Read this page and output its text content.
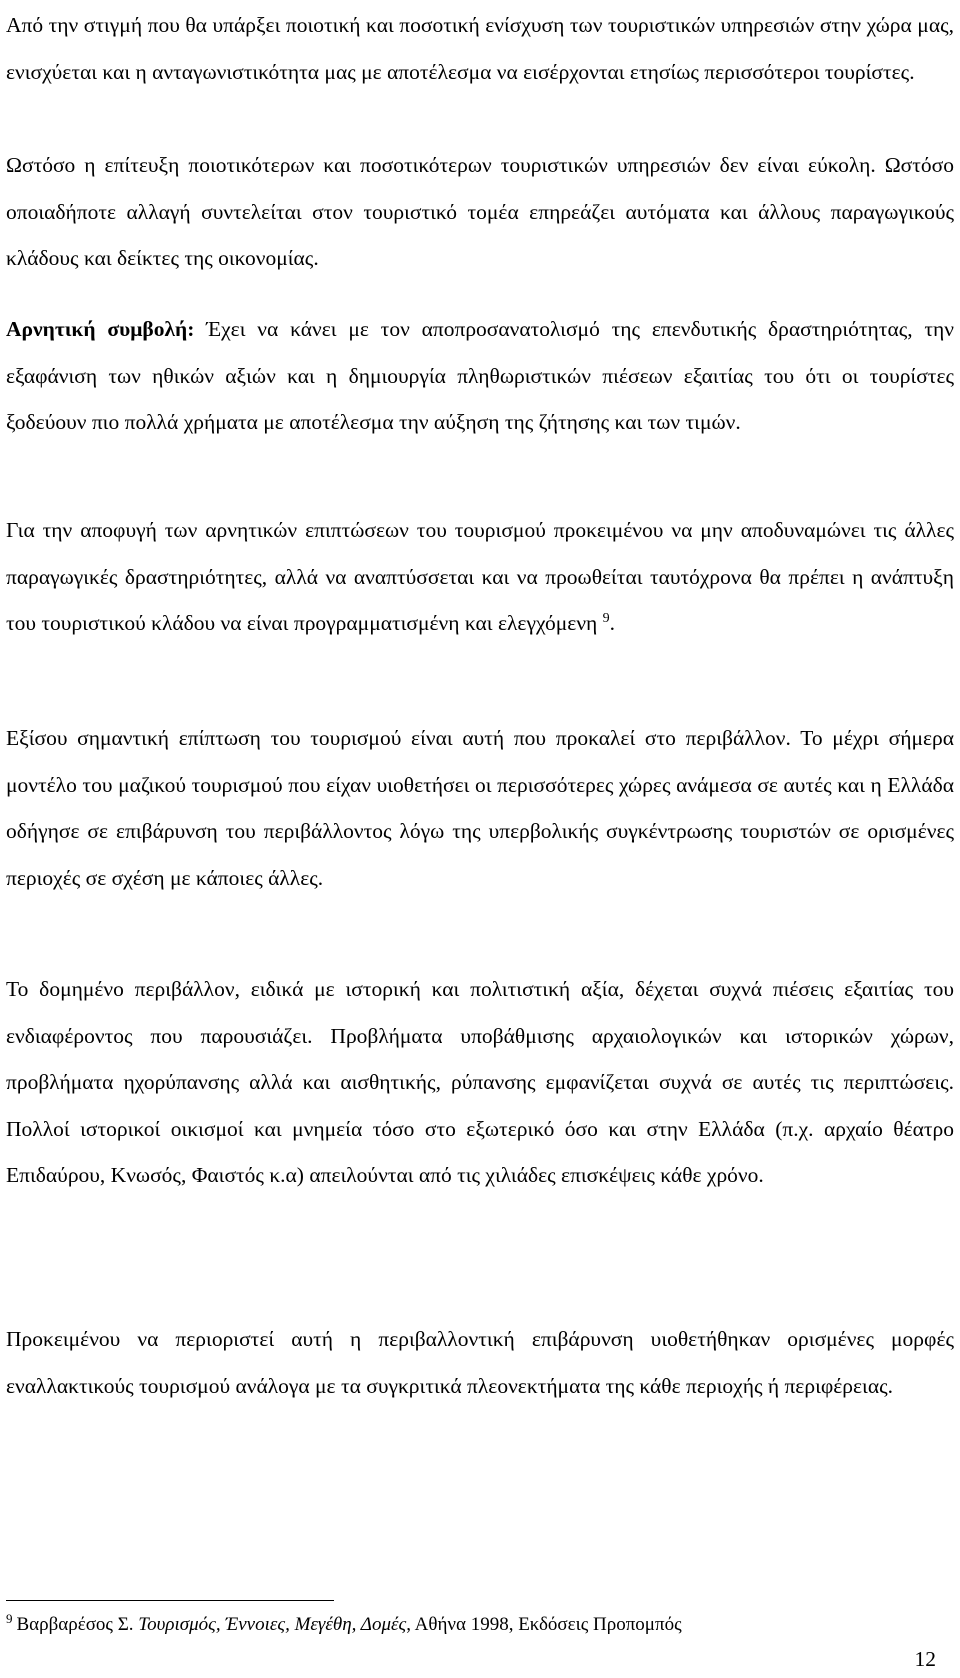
Από την στιγμή που θα υπάρξει ποιοτική και ποσοτική ενίσχυση των τουριστικών υπηρεσιών στην χώρα μας, ενισχύεται και η ανταγωνιστικότητα μας με αποτέλεσμα να εισέρχονται ετησίως περισσότεροι τουρίστες.

Ωστόσο η επίτευξη ποιοτικότερων και ποσοτικότερων τουριστικών υπηρεσιών δεν είναι εύκολη. Ωστόσο οποιαδήποτε αλλαγή συντελείται στον τουριστικό τομέα επηρεάζει αυτόματα και άλλους παραγωγικούς κλάδους και δείκτες της οικονομίας.

Αρνητική συμβολή: Έχει να κάνει με τον αποπροσανατολισμό της επενδυτικής δραστηριότητας, την εξαφάνιση των ηθικών αξιών και η δημιουργία πληθωριστικών πιέσεων εξαιτίας του ότι οι τουρίστες ξοδεύουν πιο πολλά χρήματα με αποτέλεσμα την αύξηση της ζήτησης και των τιμών.

Για την αποφυγή των αρνητικών επιπτώσεων του τουρισμού προκειμένου να μην αποδυναμώνει τις άλλες παραγωγικές δραστηριότητες, αλλά να αναπτύσσεται και να προωθείται ταυτόχρονα θα πρέπει η ανάπτυξη του τουριστικού κλάδου να είναι προγραμματισμένη και ελεγχόμενη $^9$.

Εξίσου σημαντική επίπτωση του τουρισμού είναι αυτή που προκαλεί στο περιβάλλον. Το μέχρι σήμερα μοντέλο του μαζικού τουρισμού που είχαν υιοθετήσει οι περισσότερες χώρες ανάμεσα σε αυτές και η Ελλάδα οδήγησε σε επιβάρυνση του περιβάλλοντος λόγω της υπερβολικής συγκέντρωσης τουριστών σε ορισμένες περιοχές σε σχέση με κάποιες άλλες.

Το δομημένο περιβάλλον, ειδικά με ιστορική και πολιτιστική αξία, δέχεται συχνά πιέσεις εξαιτίας του ενδιαφέροντος που παρουσιάζει. Προβλήματα υποβάθμισης αρχαιολογικών και ιστορικών χώρων, προβλήματα ηχορύπανσης αλλά και αισθητικής, ρύπανσης εμφανίζεται συχνά σε αυτές τις περιπτώσεις. Πολλοί ιστορικοί οικισμοί και μνημεία τόσο στο εξωτερικό όσο και στην Ελλάδα (π.χ. αρχαίο θέατρο Επιδαύρου, Κνωσός, Φαιστός κ.α) απειλούνται από τις χιλιάδες επισκέψεις κάθε χρόνο.

Προκειμένου να περιοριστεί αυτή η περιβαλλοντική επιβάρυνση υιοθετήθηκαν ορισμένες μορφές εναλλακτικούς τουρισμού ανάλογα με τα συγκριτικά πλεονεκτήματα της κάθε περιοχής ή περιφέρειας.

$^9$ Βαρβαρέσος Σ. Τουρισμός, Έννοιες, Μεγέθη, Δομές, Αθήνα 1998, Εκδόσεις Προπομπός
12
